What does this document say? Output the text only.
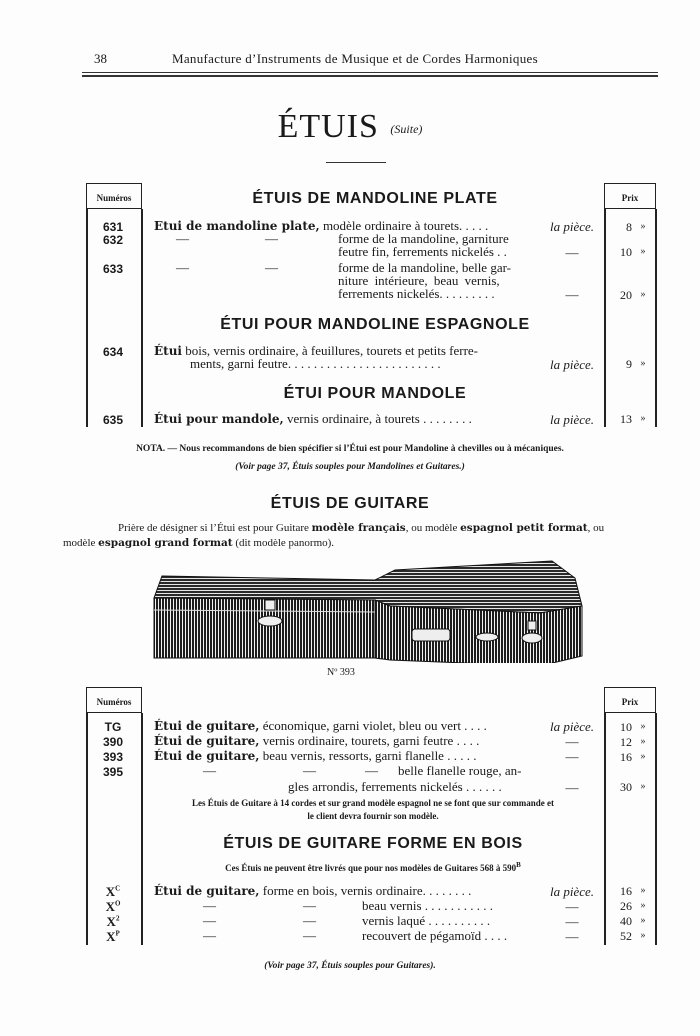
38	Manufacture d’Instruments de Musique et de Cordes Harmoniques
ÉTUIS (Suite)
Numéros	Prix
ÉTUIS DE MANDOLINE PLATE
631	Etui de mandoline plate, modèle ordinaire à tourets. . . . .	la pièce.	8 »
632	—	—	forme de la mandoline, garniture
feutre fin, ferrements nickelés . .	—	10 »
633	—	—	forme de la mandoline, belle gar-
niture intérieure, beau vernis,
ferrements nickelés. . . . . . . . .	—	20 »
ÉTUI POUR MANDOLINE ESPAGNOLE
634	Étui bois, vernis ordinaire, à feuillures, tourets et petits ferre-
ments, garni feutre. . . . . . . . . . . . . . . . . . . . . . . .	la pièce.	9 »
ÉTUI POUR MANDOLE
635	Étui pour mandole, vernis ordinaire, à tourets . . . . . . . .	la pièce.	13 »
NOTA. — Nous recommandons de bien spécifier si l’Étui est pour Mandoline à chevilles ou à mécaniques.
(Voir page 37, Étuis souples pour Mandolines et Guitares.)
ÉTUIS DE GUITARE
Prière de désigner si l’Étui est pour Guitare modèle français, ou modèle espagnol petit format, ou

modèle espagnol grand format (dit modèle panormo).
Nº 393
Numéros	Prix
TG	Étui de guitare, économique, garni violet, bleu ou vert . . . .	la pièce.	10 »
390	Étui de guitare, vernis ordinaire, tourets, garni feutre . . . .	—	12 »
393	Étui de guitare, beau vernis, ressorts, garni flanelle . . . . .	—	16 »
395	—	—	— belle flanelle rouge, an-
gles arrondis, ferrements nickelés . . . . . .	—	30 »
Les Étuis de Guitare à 14 cordes et sur grand modèle espagnol ne se font que sur commande et
le client devra fournir son modèle.
ÉTUIS DE GUITARE FORME EN BOIS
Ces Étuis ne peuvent être livrés que pour nos modèles de Guitares 568 à $590^B$
$X^C$	Étui de guitare, forme en bois, vernis ordinaire. . . . . . . .	la pièce.	16 »
$X^O$	—	—	beau vernis . . . . . . . . . . .	—	26 »
$X^2$	—	—	vernis laqué . . . . . . . . . .	—	40 »
$X^P$	—	—	recouvert de pégamoïd . . . .	—	52 »
(Voir page 37, Étuis souples pour Guitares).
